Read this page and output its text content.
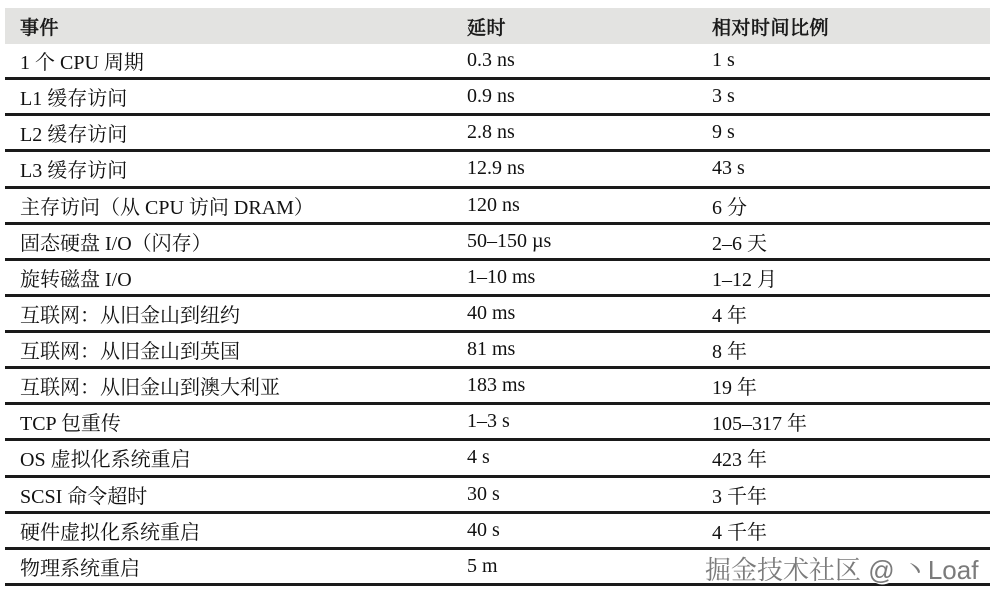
事件	延时	相对时间比例
1 个 CPU 周期	0.3 ns	1 s
L1 缓存访问	0.9 ns	3 s
L2 缓存访问	2.8 ns	9 s
L3 缓存访问	12.9 ns	43 s
主存访问（从 CPU 访问 DRAM）	120 ns	6 分
固态硬盘 I/O（闪存）	50–150 µs	2–6 天
旋转磁盘 I/O	1–10 ms	1–12 月
互联网：从旧金山到纽约	40 ms	4 年
互联网：从旧金山到英国	81 ms	8 年
互联网：从旧金山到澳大利亚	183 ms	19 年
TCP 包重传	1–3 s	105–317 年
OS 虚拟化系统重启	4 s	423 年
SCSI 命令超时	30 s	3 千年
硬件虚拟化系统重启	40 s	4 千年
物理系统重启	5 m	掘金技术社区 @ 丶Loaf
